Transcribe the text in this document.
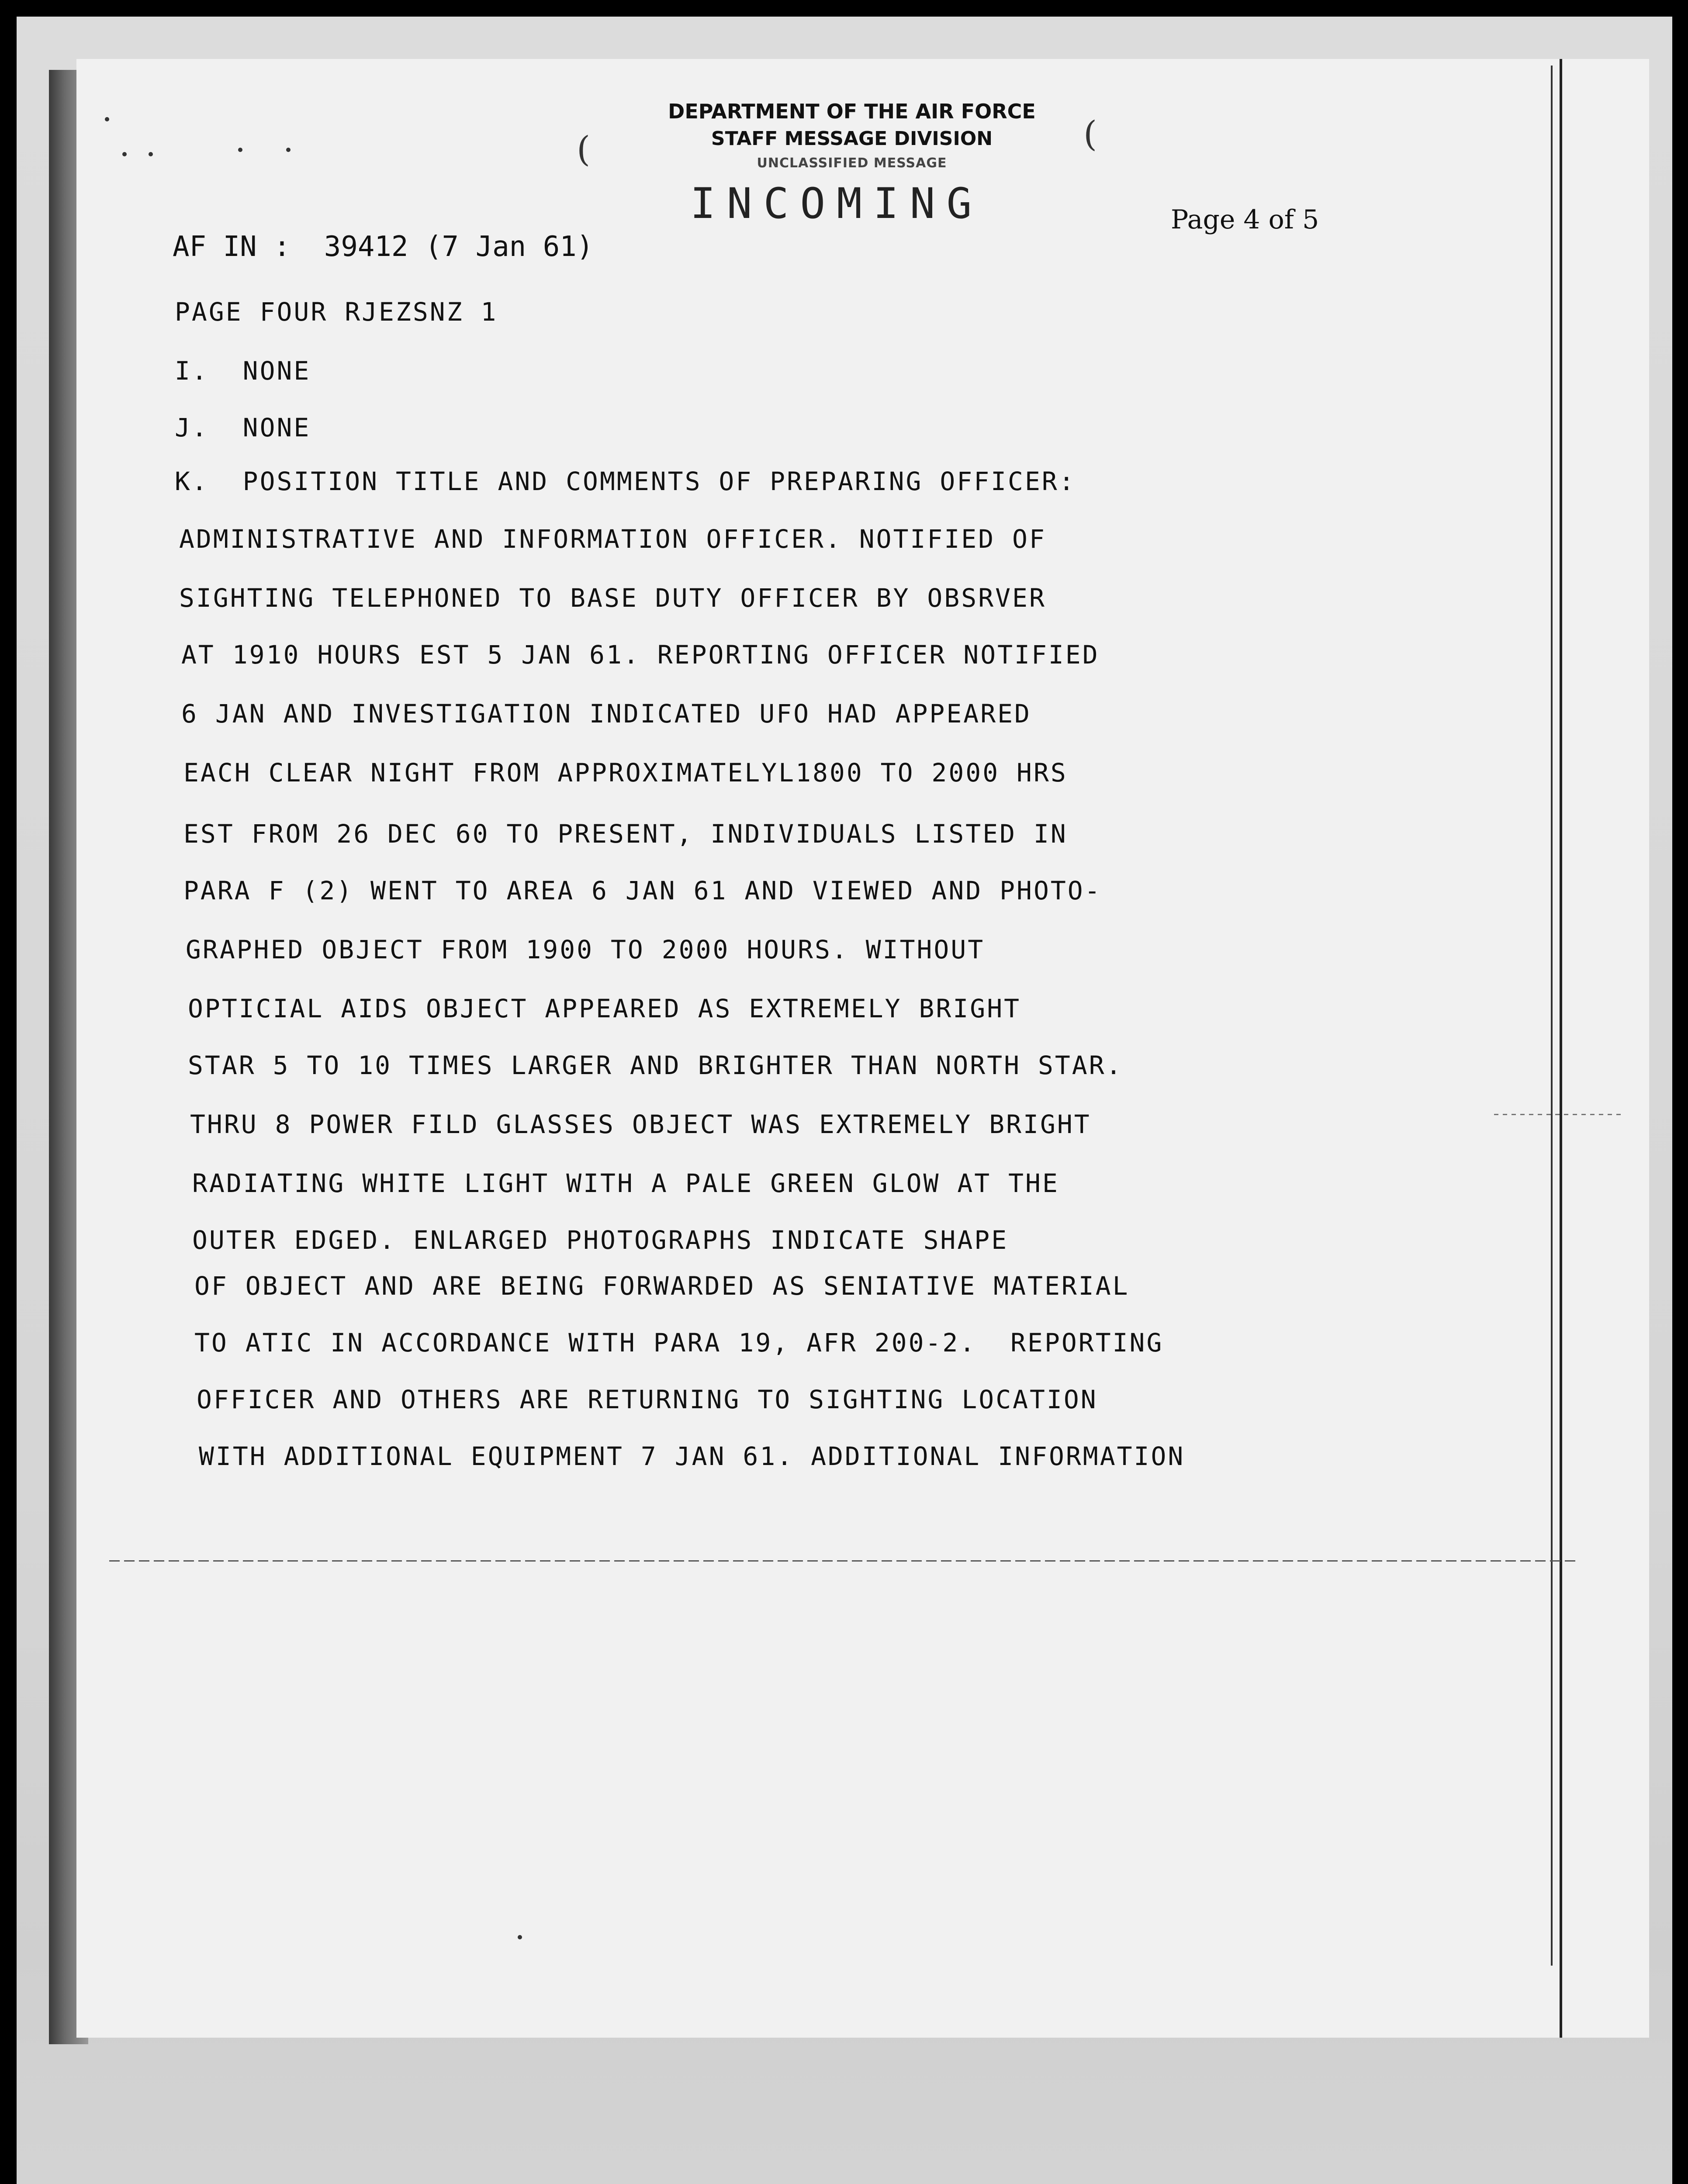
(	(
DEPARTMENT OF THE AIR FORCE
STAFF MESSAGE DIVISION
UNCLASSIFIED MESSAGE
INCOMING
AF IN :  39412 (7 Jan 61)
Page 4 of 5
PAGE FOUR RJEZSNZ 1
I.  NONE
J.  NONE
K.  POSITION TITLE AND COMMENTS OF PREPARING OFFICER:
ADMINISTRATIVE AND INFORMATION OFFICER. NOTIFIED OF
SIGHTING TELEPHONED TO BASE DUTY OFFICER BY OBSRVER
AT 1910 HOURS EST 5 JAN 61. REPORTING OFFICER NOTIFIED
6 JAN AND INVESTIGATION INDICATED UFO HAD APPEARED
EACH CLEAR NIGHT FROM APPROXIMATELYL1800 TO 2000 HRS
EST FROM 26 DEC 60 TO PRESENT, INDIVIDUALS LISTED IN
PARA F (2) WENT TO AREA 6 JAN 61 AND VIEWED AND PHOTO-
GRAPHED OBJECT FROM 1900 TO 2000 HOURS. WITHOUT
OPTICIAL AIDS OBJECT APPEARED AS EXTREMELY BRIGHT
STAR 5 TO 10 TIMES LARGER AND BRIGHTER THAN NORTH STAR.
THRU 8 POWER FILD GLASSES OBJECT WAS EXTREMELY BRIGHT
RADIATING WHITE LIGHT WITH A PALE GREEN GLOW AT THE
OUTER EDGED. ENLARGED PHOTOGRAPHS INDICATE SHAPE
OF OBJECT AND ARE BEING FORWARDED AS SENIATIVE MATERIAL
TO ATIC IN ACCORDANCE WITH PARA 19, AFR 200-2.  REPORTING
OFFICER AND OTHERS ARE RETURNING TO SIGHTING LOCATION
WITH ADDITIONAL EQUIPMENT 7 JAN 61. ADDITIONAL INFORMATION
